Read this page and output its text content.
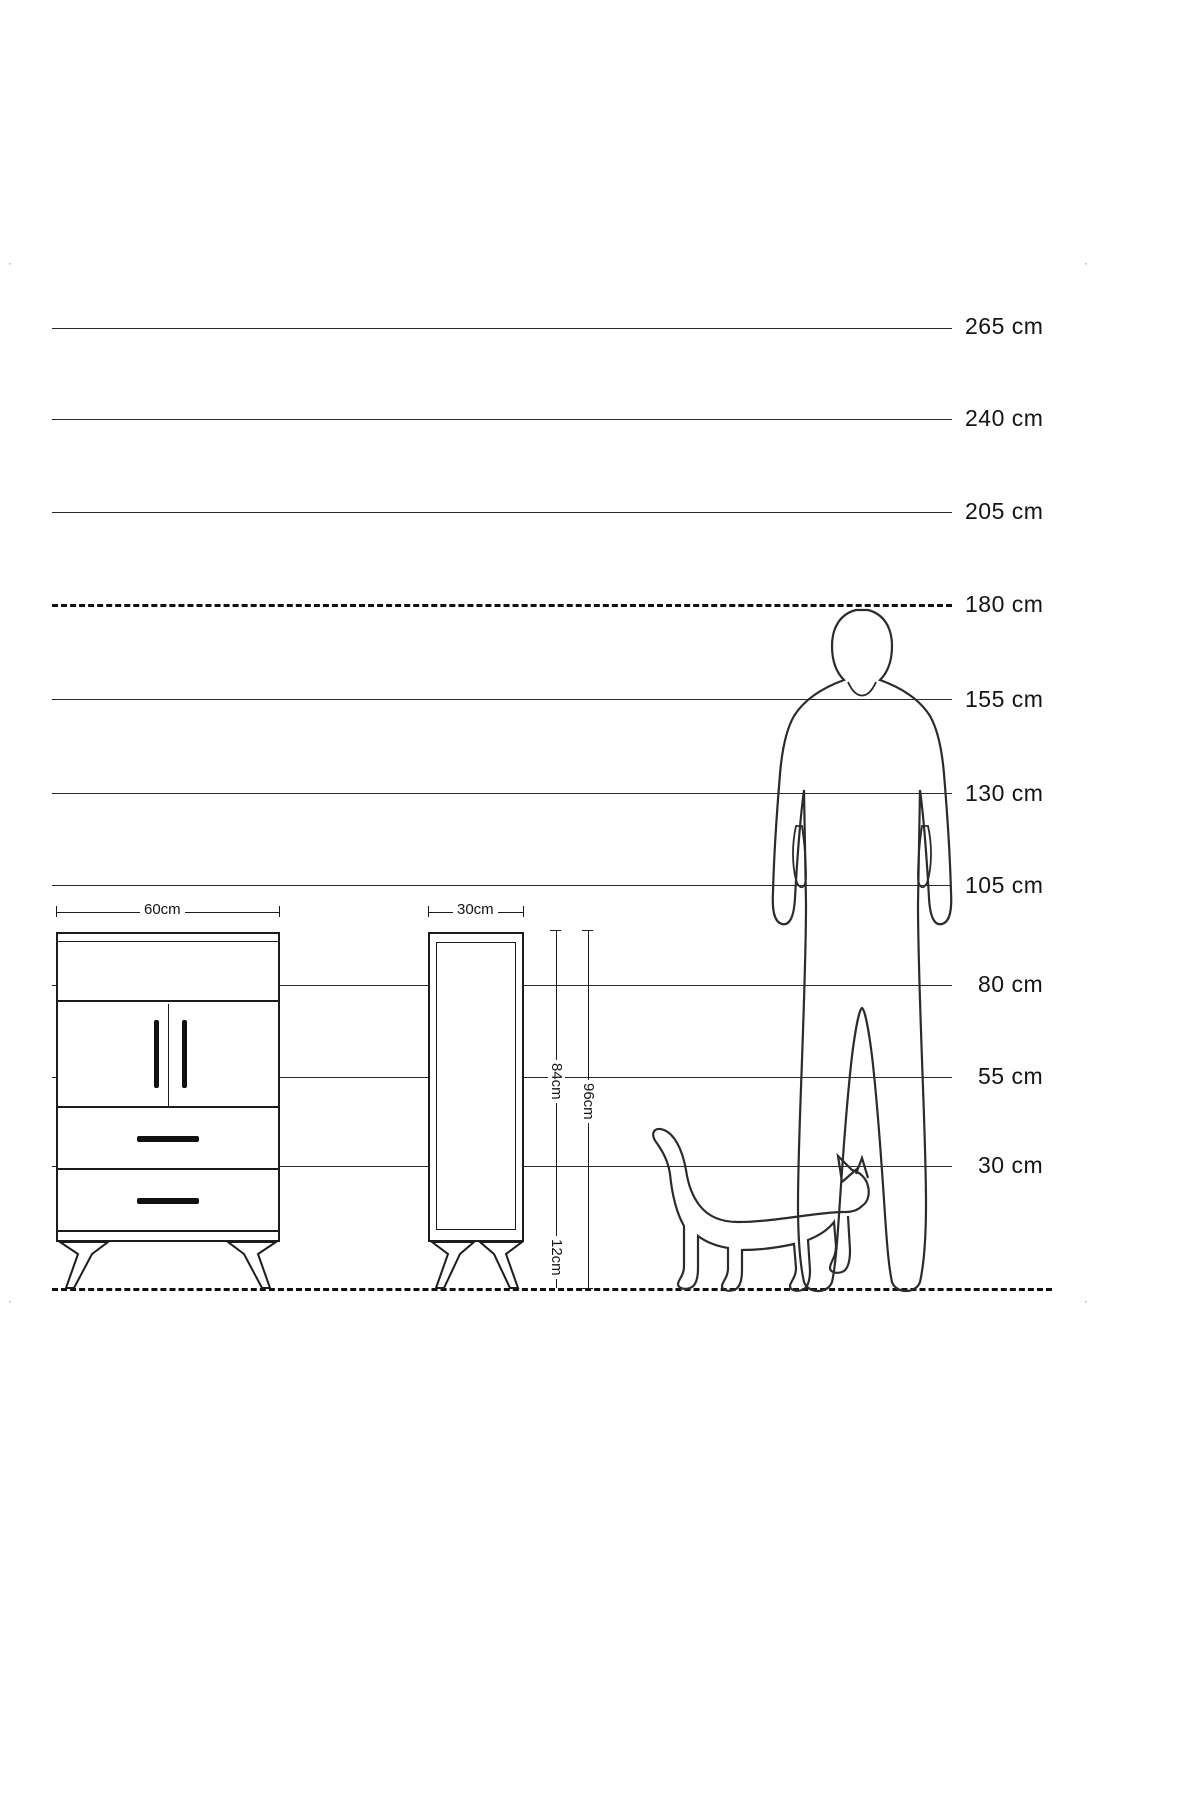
·	·
·	·
265 cm
240 cm
205 cm
180 cm
155 cm
130 cm
105 cm
80 cm
55 cm
30 cm
60cm	30cm
84cm
96cm
12cm
